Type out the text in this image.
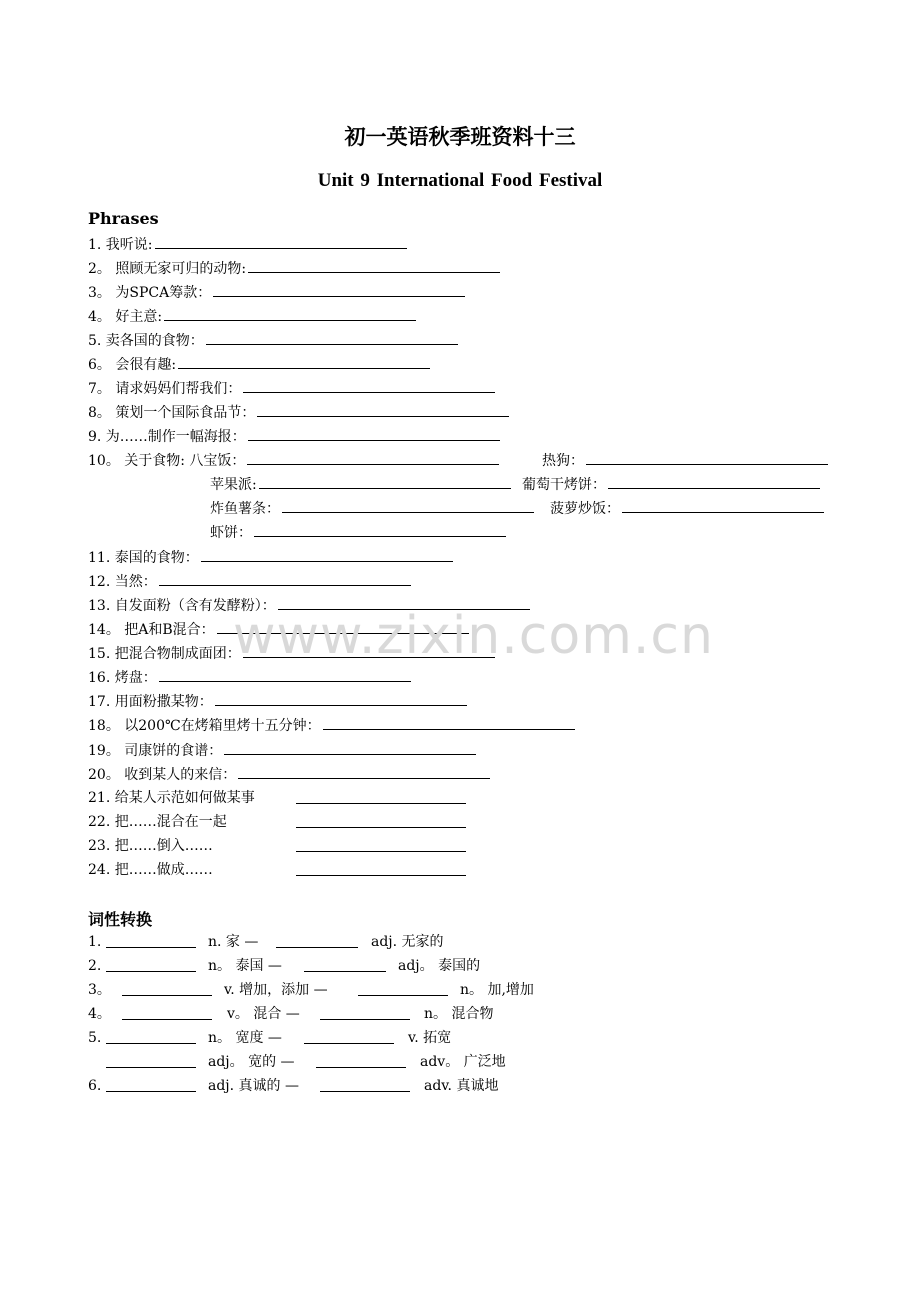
初一英语秋季班资料十三
Unit 9 International Food Festival
Phrases
1. 我听说:
2。 照顾无家可归的动物:
3。 为SPCA筹款：
4。 好主意:
5. 卖各国的食物：
6。 会很有趣:
7。 请求妈妈们帮我们：
8。 策划一个国际食品节：
9. 为……制作一幅海报：
10。 关于食物: 八宝饭：	热狗：
苹果派:	葡萄干烤饼：
炸鱼薯条：	菠萝炒饭：
虾饼：
11. 泰国的食物：
12. 当然：
13. 自发面粉（含有发酵粉）：
14。 把A和B混合：
15. 把混合物制成面团：
16. 烤盘：
17. 用面粉撒某物：
18。 以200℃在烤箱里烤十五分钟：
19。 司康饼的食谱：
20。 收到某人的来信：
21. 给某人示范如何做某事
22. 把……混合在一起
23. 把……倒入……
24. 把……做成……
词性转换
1.	n. 家 —	adj. 无家的
2.	n。 泰国 —	adj。 泰国的
3。	v. 增加，添加 —	n。 加,增加
4。	v。 混合 —	n。 混合物
5.	n。 宽度 —	v. 拓宽
adj。 宽的 —	adv。 广泛地
6.	adj. 真诚的 —	adv. 真诚地
www.zixin.com.cn
